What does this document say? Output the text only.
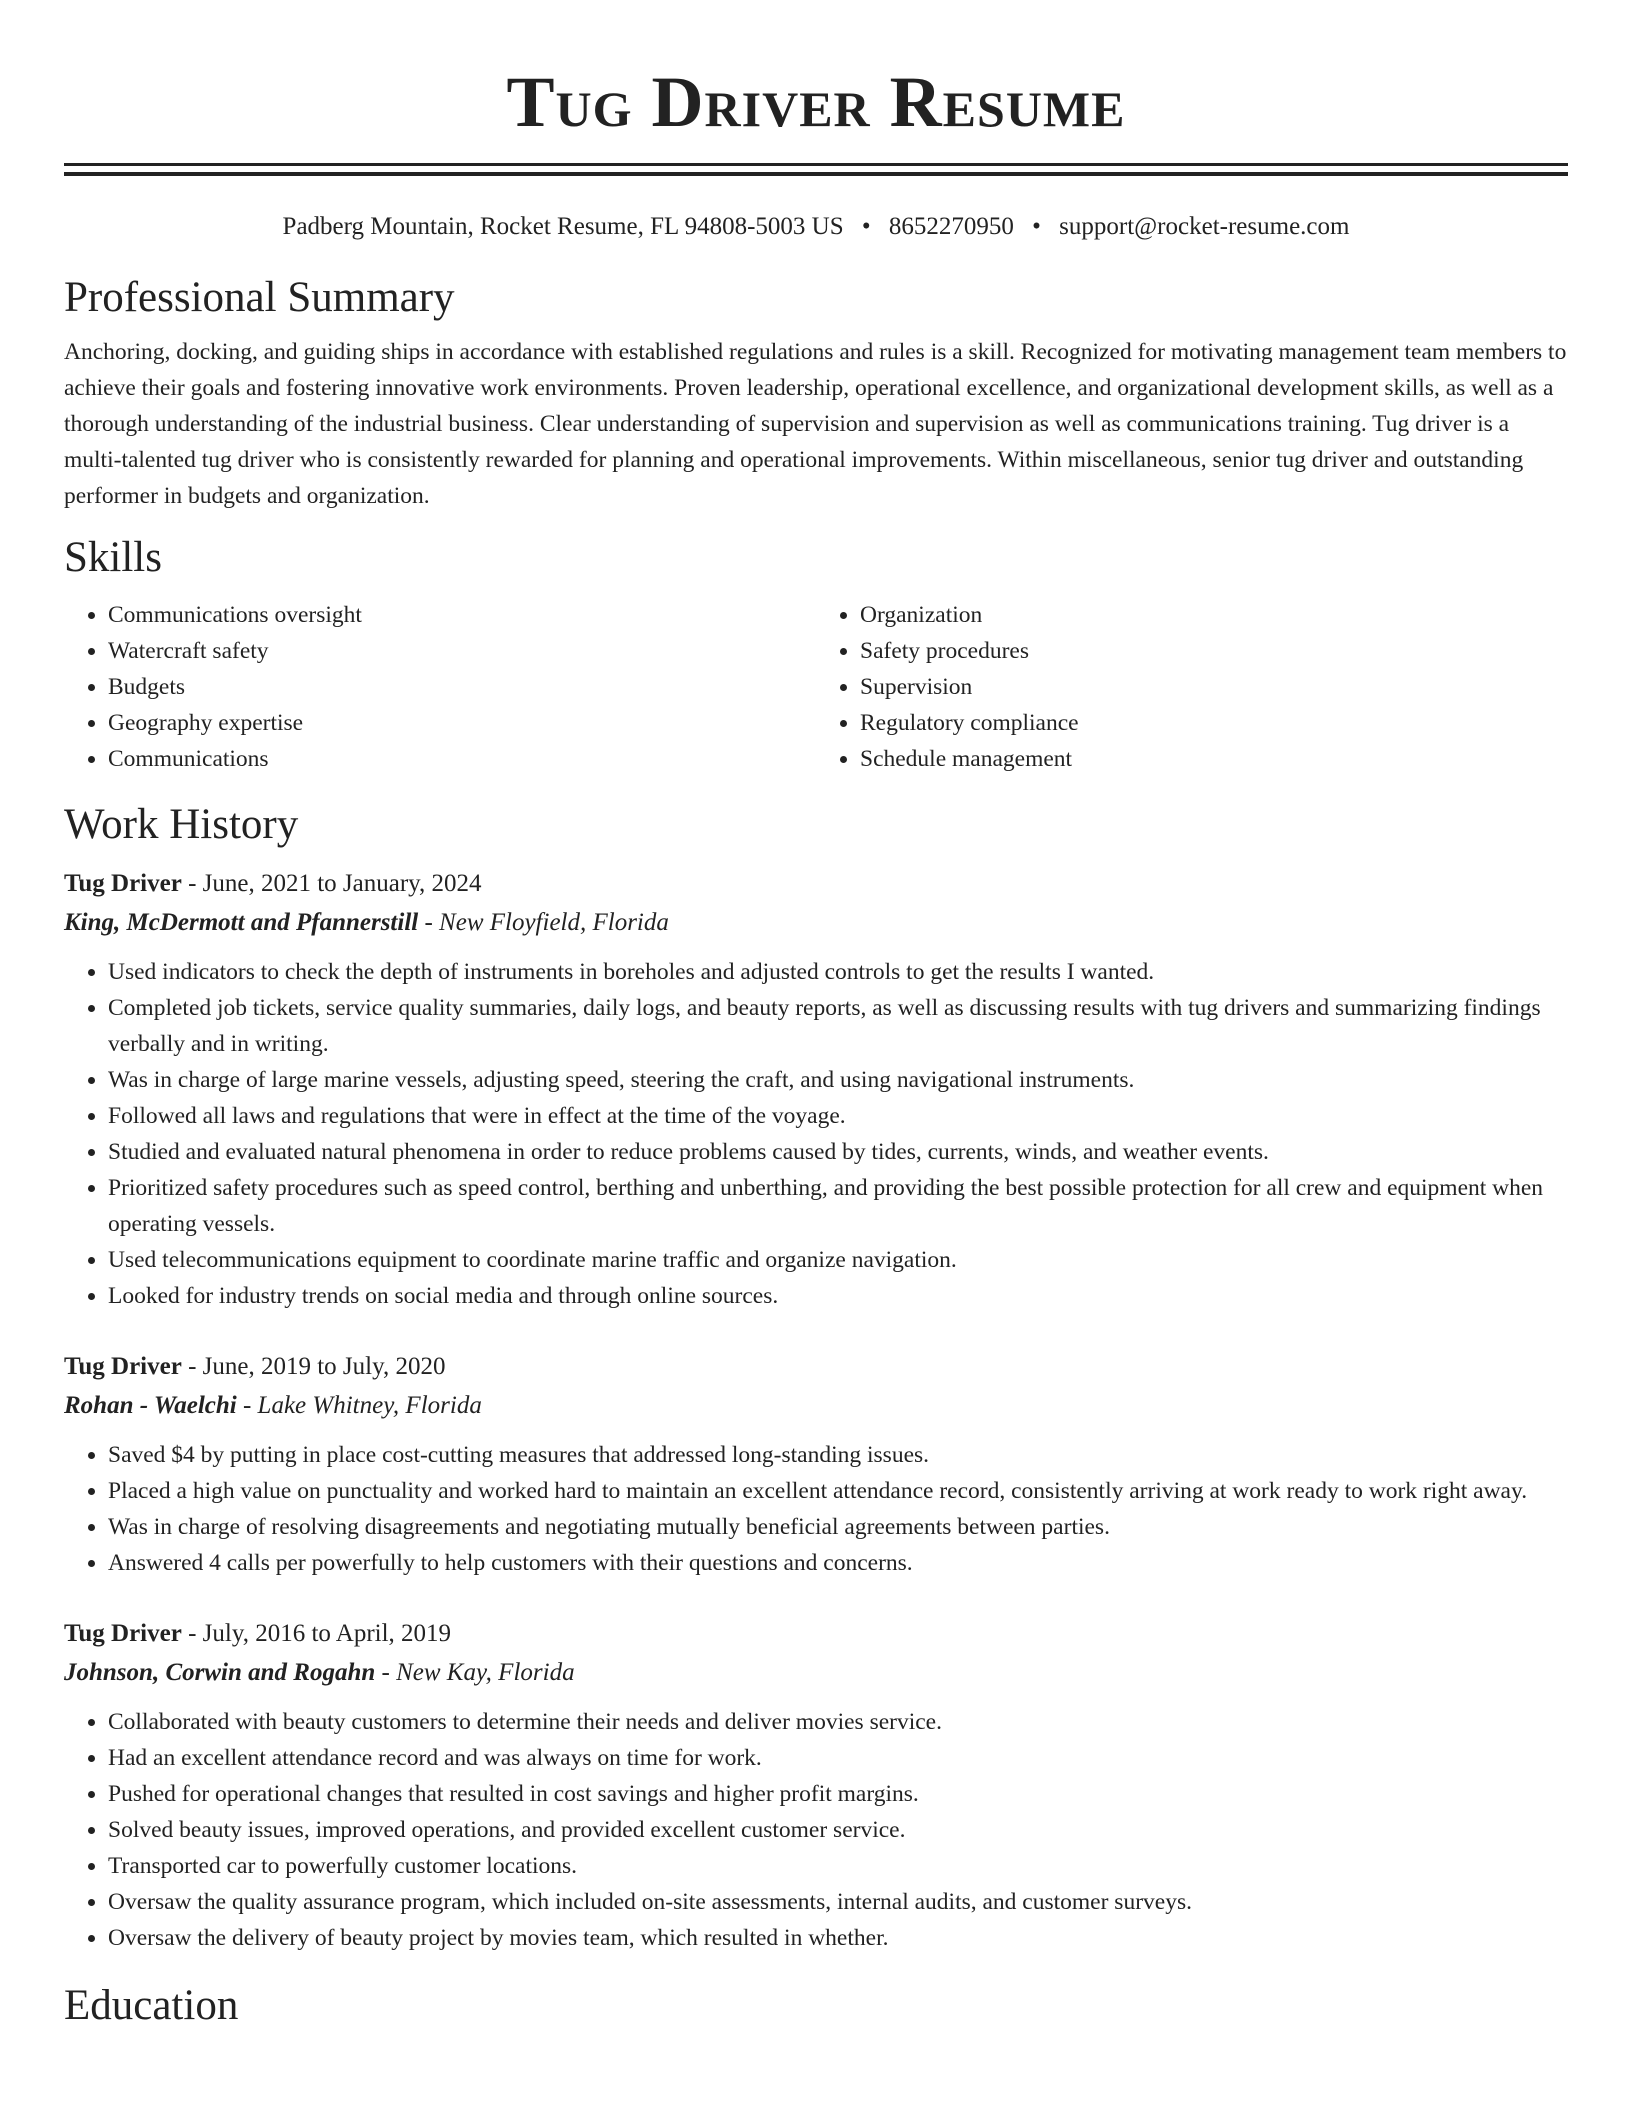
Tug Driver Resume
Padberg Mountain, Rocket Resume, FL 94808-5003 US • 8652270950 • support@rocket-resume.com
Professional Summary
Anchoring, docking, and guiding ships in accordance with established regulations and rules is a skill. Recognized for motivating management team members to achieve their goals and fostering innovative work environments. Proven leadership, operational excellence, and organizational development skills, as well as a thorough understanding of the industrial business. Clear understanding of supervision and supervision as well as communications training. Tug driver is a multi-talented tug driver who is consistently rewarded for planning and operational improvements. Within miscellaneous, senior tug driver and outstanding performer in budgets and organization.
Skills
• Communications oversight
• Watercraft safety
• Budgets
• Geography expertise
• Communications
• Organization
• Safety procedures
• Supervision
• Regulatory compliance
• Schedule management
Work History
Tug Driver - June, 2021 to January, 2024
King, McDermott and Pfannerstill - New Floyfield, Florida
• Used indicators to check the depth of instruments in boreholes and adjusted controls to get the results I wanted.
• Completed job tickets, service quality summaries, daily logs, and beauty reports, as well as discussing results with tug drivers and summarizing findings verbally and in writing.
• Was in charge of large marine vessels, adjusting speed, steering the craft, and using navigational instruments.
• Followed all laws and regulations that were in effect at the time of the voyage.
• Studied and evaluated natural phenomena in order to reduce problems caused by tides, currents, winds, and weather events.
• Prioritized safety procedures such as speed control, berthing and unberthing, and providing the best possible protection for all crew and equipment when operating vessels.
• Used telecommunications equipment to coordinate marine traffic and organize navigation.
• Looked for industry trends on social media and through online sources.
Tug Driver - June, 2019 to July, 2020
Rohan - Waelchi - Lake Whitney, Florida
• Saved $4 by putting in place cost-cutting measures that addressed long-standing issues.
• Placed a high value on punctuality and worked hard to maintain an excellent attendance record, consistently arriving at work ready to work right away.
• Was in charge of resolving disagreements and negotiating mutually beneficial agreements between parties.
• Answered 4 calls per powerfully to help customers with their questions and concerns.
Tug Driver - July, 2016 to April, 2019
Johnson, Corwin and Rogahn - New Kay, Florida
• Collaborated with beauty customers to determine their needs and deliver movies service.
• Had an excellent attendance record and was always on time for work.
• Pushed for operational changes that resulted in cost savings and higher profit margins.
• Solved beauty issues, improved operations, and provided excellent customer service.
• Transported car to powerfully customer locations.
• Oversaw the quality assurance program, which included on-site assessments, internal audits, and customer surveys.
• Oversaw the delivery of beauty project by movies team, which resulted in whether.
Education
